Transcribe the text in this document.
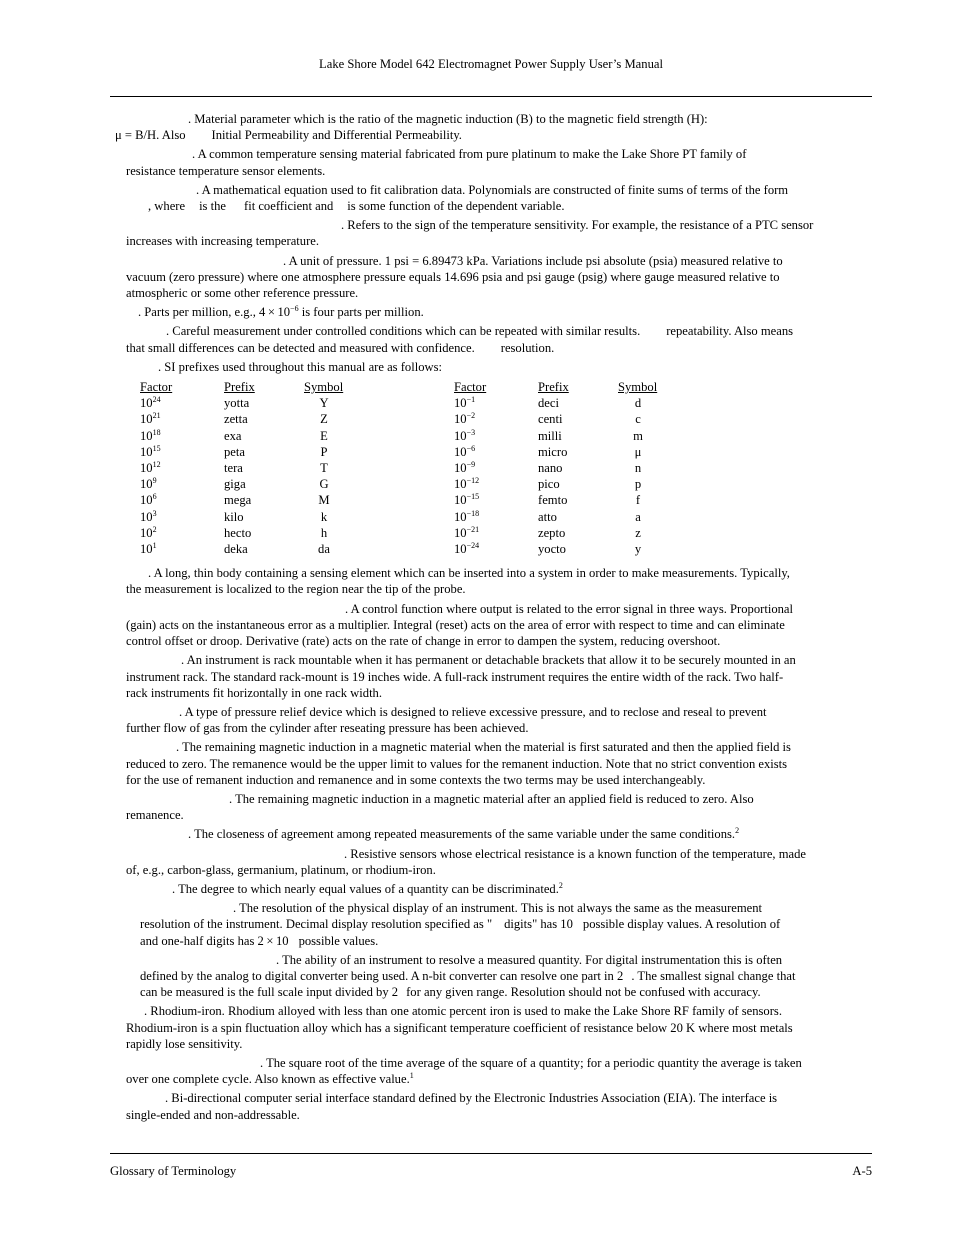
Lake Shore Model 642 Electromagnet Power Supply User’s Manual
. Material parameter which is the ratio of the magnetic induction (B) to the magnetic field strength (H):
μ = B/H. Also Initial Permeability and Differential Permeability.
. A common temperature sensing material fabricated from pure platinum to make the Lake Shore PT family of
resistance temperature sensor elements.
. A mathematical equation used to fit calibration data. Polynomials are constructed of finite sums of terms of the form
, where is the fit coefficient and is some function of the dependent variable.
. Refers to the sign of the temperature sensitivity. For example, the resistance of a PTC sensor
increases with increasing temperature.
. A unit of pressure. 1 psi = 6.89473 kPa. Variations include psi absolute (psia) measured relative to
vacuum (zero pressure) where one atmosphere pressure equals 14.696 psia and psi gauge (psig) where gauge measured relative to
atmospheric or some other reference pressure.
. Parts per million, e.g., $4 \times 10^{-6}$ is four parts per million.
. Careful measurement under controlled conditions which can be repeated with similar results. repeatability. Also means
that small differences can be detected and measured with confidence. resolution.
. SI prefixes used throughout this manual are as follows:
Factor	Prefix	Symbol		Factor	Prefix	Symbol
$10^{24}$	yotta	Y		$10^{-1}$	deci	d
$10^{21}$	zetta	Z		$10^{-2}$	centi	c
$10^{18}$	exa	E		$10^{-3}$	milli	m
$10^{15}$	peta	P		$10^{-6}$	micro	μ
$10^{12}$	tera	T		$10^{-9}$	nano	n
$10^9$	giga	G		$10^{-12}$	pico	p
$10^6$	mega	M		$10^{-15}$	femto	f
$10^3$	kilo	k		$10^{-18}$	atto	a
$10^2$	hecto	h		$10^{-21}$	zepto	z
$10^1$	deka	da		$10^{-24}$	yocto	y
. A long, thin body containing a sensing element which can be inserted into a system in order to make measurements. Typically,
the measurement is localized to the region near the tip of the probe.
. A control function where output is related to the error signal in three ways. Proportional
(gain) acts on the instantaneous error as a multiplier. Integral (reset) acts on the area of error with respect to time and can eliminate
control offset or droop. Derivative (rate) acts on the rate of change in error to dampen the system, reducing overshoot.
. An instrument is rack mountable when it has permanent or detachable brackets that allow it to be securely mounted in an
instrument rack. The standard rack-mount is 19 inches wide. A full-rack instrument requires the entire width of the rack. Two half-
rack instruments fit horizontally in one rack width.
. A type of pressure relief device which is designed to relieve excessive pressure, and to reclose and reseal to prevent
further flow of gas from the cylinder after reseating pressure has been achieved.
. The remaining magnetic induction in a magnetic material when the material is first saturated and then the applied field is
reduced to zero. The remanence would be the upper limit to values for the remanent induction. Note that no strict convention exists
for the use of remanent induction and remanence and in some contexts the two terms may be used interchangeably.
. The remaining magnetic induction in a magnetic material after an applied field is reduced to zero. Also
remanence.
. The closeness of agreement among repeated measurements of the same variable under the same conditions.$^2$
. Resistive sensors whose electrical resistance is a known function of the temperature, made
of, e.g., carbon-glass, germanium, platinum, or rhodium-iron.
. The degree to which nearly equal values of a quantity can be discriminated.$^2$
. The resolution of the physical display of an instrument. This is not always the same as the measurement
resolution of the instrument. Decimal display resolution specified as " digits" has 10 possible display values. A resolution of
and one-half digits has 2 × 10 possible values.
. The ability of an instrument to resolve a measured quantity. For digital instrumentation this is often
defined by the analog to digital converter being used. A n-bit converter can resolve one part in 2 . The smallest signal change that
can be measured is the full scale input divided by 2 for any given range. Resolution should not be confused with accuracy.
. Rhodium-iron. Rhodium alloyed with less than one atomic percent iron is used to make the Lake Shore RF family of sensors.
Rhodium-iron is a spin fluctuation alloy which has a significant temperature coefficient of resistance below 20 K where most metals
rapidly lose sensitivity.
. The square root of the time average of the square of a quantity; for a periodic quantity the average is taken
over one complete cycle. Also known as effective value.$^1$
. Bi-directional computer serial interface standard defined by the Electronic Industries Association (EIA). The interface is
single-ended and non-addressable.
Glossary of Terminology	A-5
